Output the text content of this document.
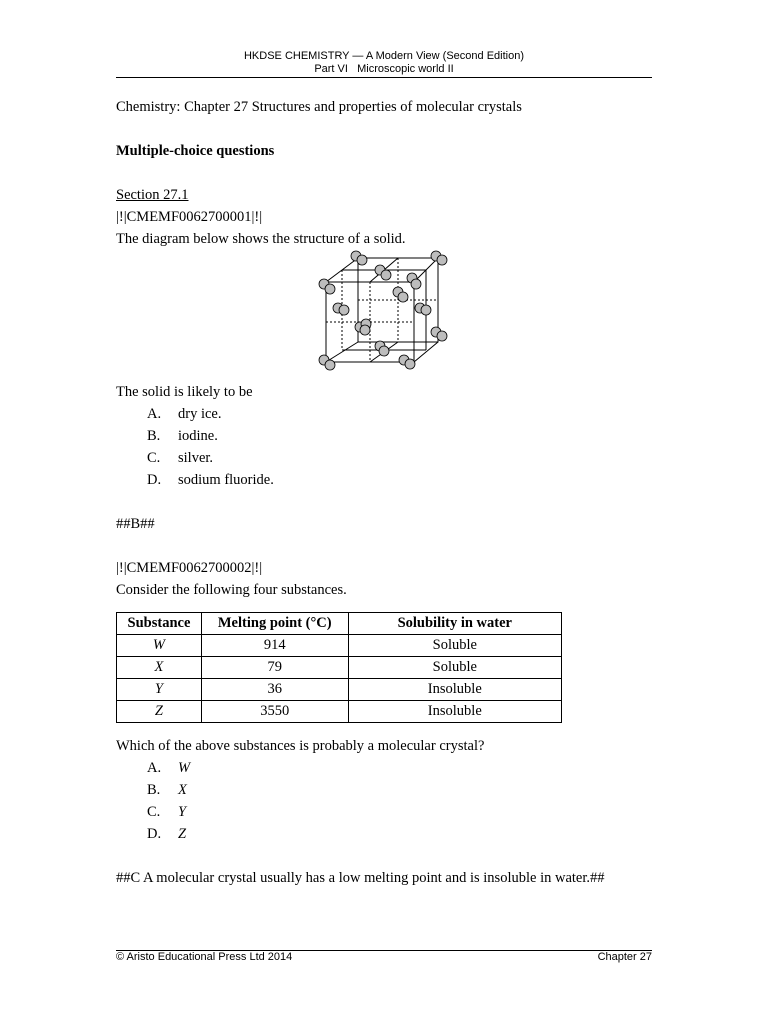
HKDSE CHEMISTRY — A Modern View (Second Edition)
Part VI   Microscopic world II
Chemistry: Chapter 27 Structures and properties of molecular crystals
Multiple-choice questions
Section 27.1
|!|CMEMF0062700001|!|
The diagram below shows the structure of a solid.
The solid is likely to be
A. dry ice.
B. iodine.
C. silver.
D. sodium fluoride.
##B##
|!|CMEMF0062700002|!|
Consider the following four substances.
Substance	Melting point (°C)	Solubility in water
W	914	Soluble
X	79	Soluble
Y	36	Insoluble
Z	3550	Insoluble
Which of the above substances is probably a molecular crystal?
A. W
B. X
C. Y
D. Z
##C A molecular crystal usually has a low melting point and is insoluble in water.##
© Aristo Educational Press Ltd 2014	Chapter 27
